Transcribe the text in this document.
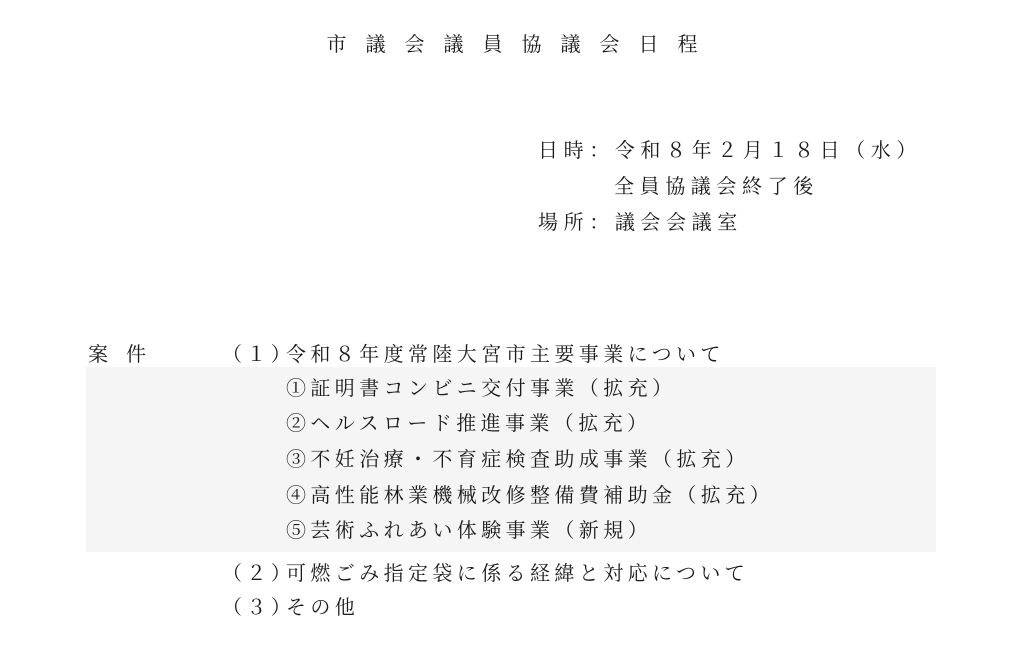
市議会議員協議会日程
日時：令和８年２月１８日（水）
全員協議会終了後
場所：議会会議室
案件	（１）
令和８年度常陸大宮市主要事業について
①証明書コンビニ交付事業（拡充）
②ヘルスロード推進事業（拡充）
③不妊治療・不育症検査助成事業（拡充）
④高性能林業機械改修整備費補助金（拡充）
⑤芸術ふれあい体験事業（新規）
（２）
可燃ごみ指定袋に係る経緯と対応について
（３）
その他
